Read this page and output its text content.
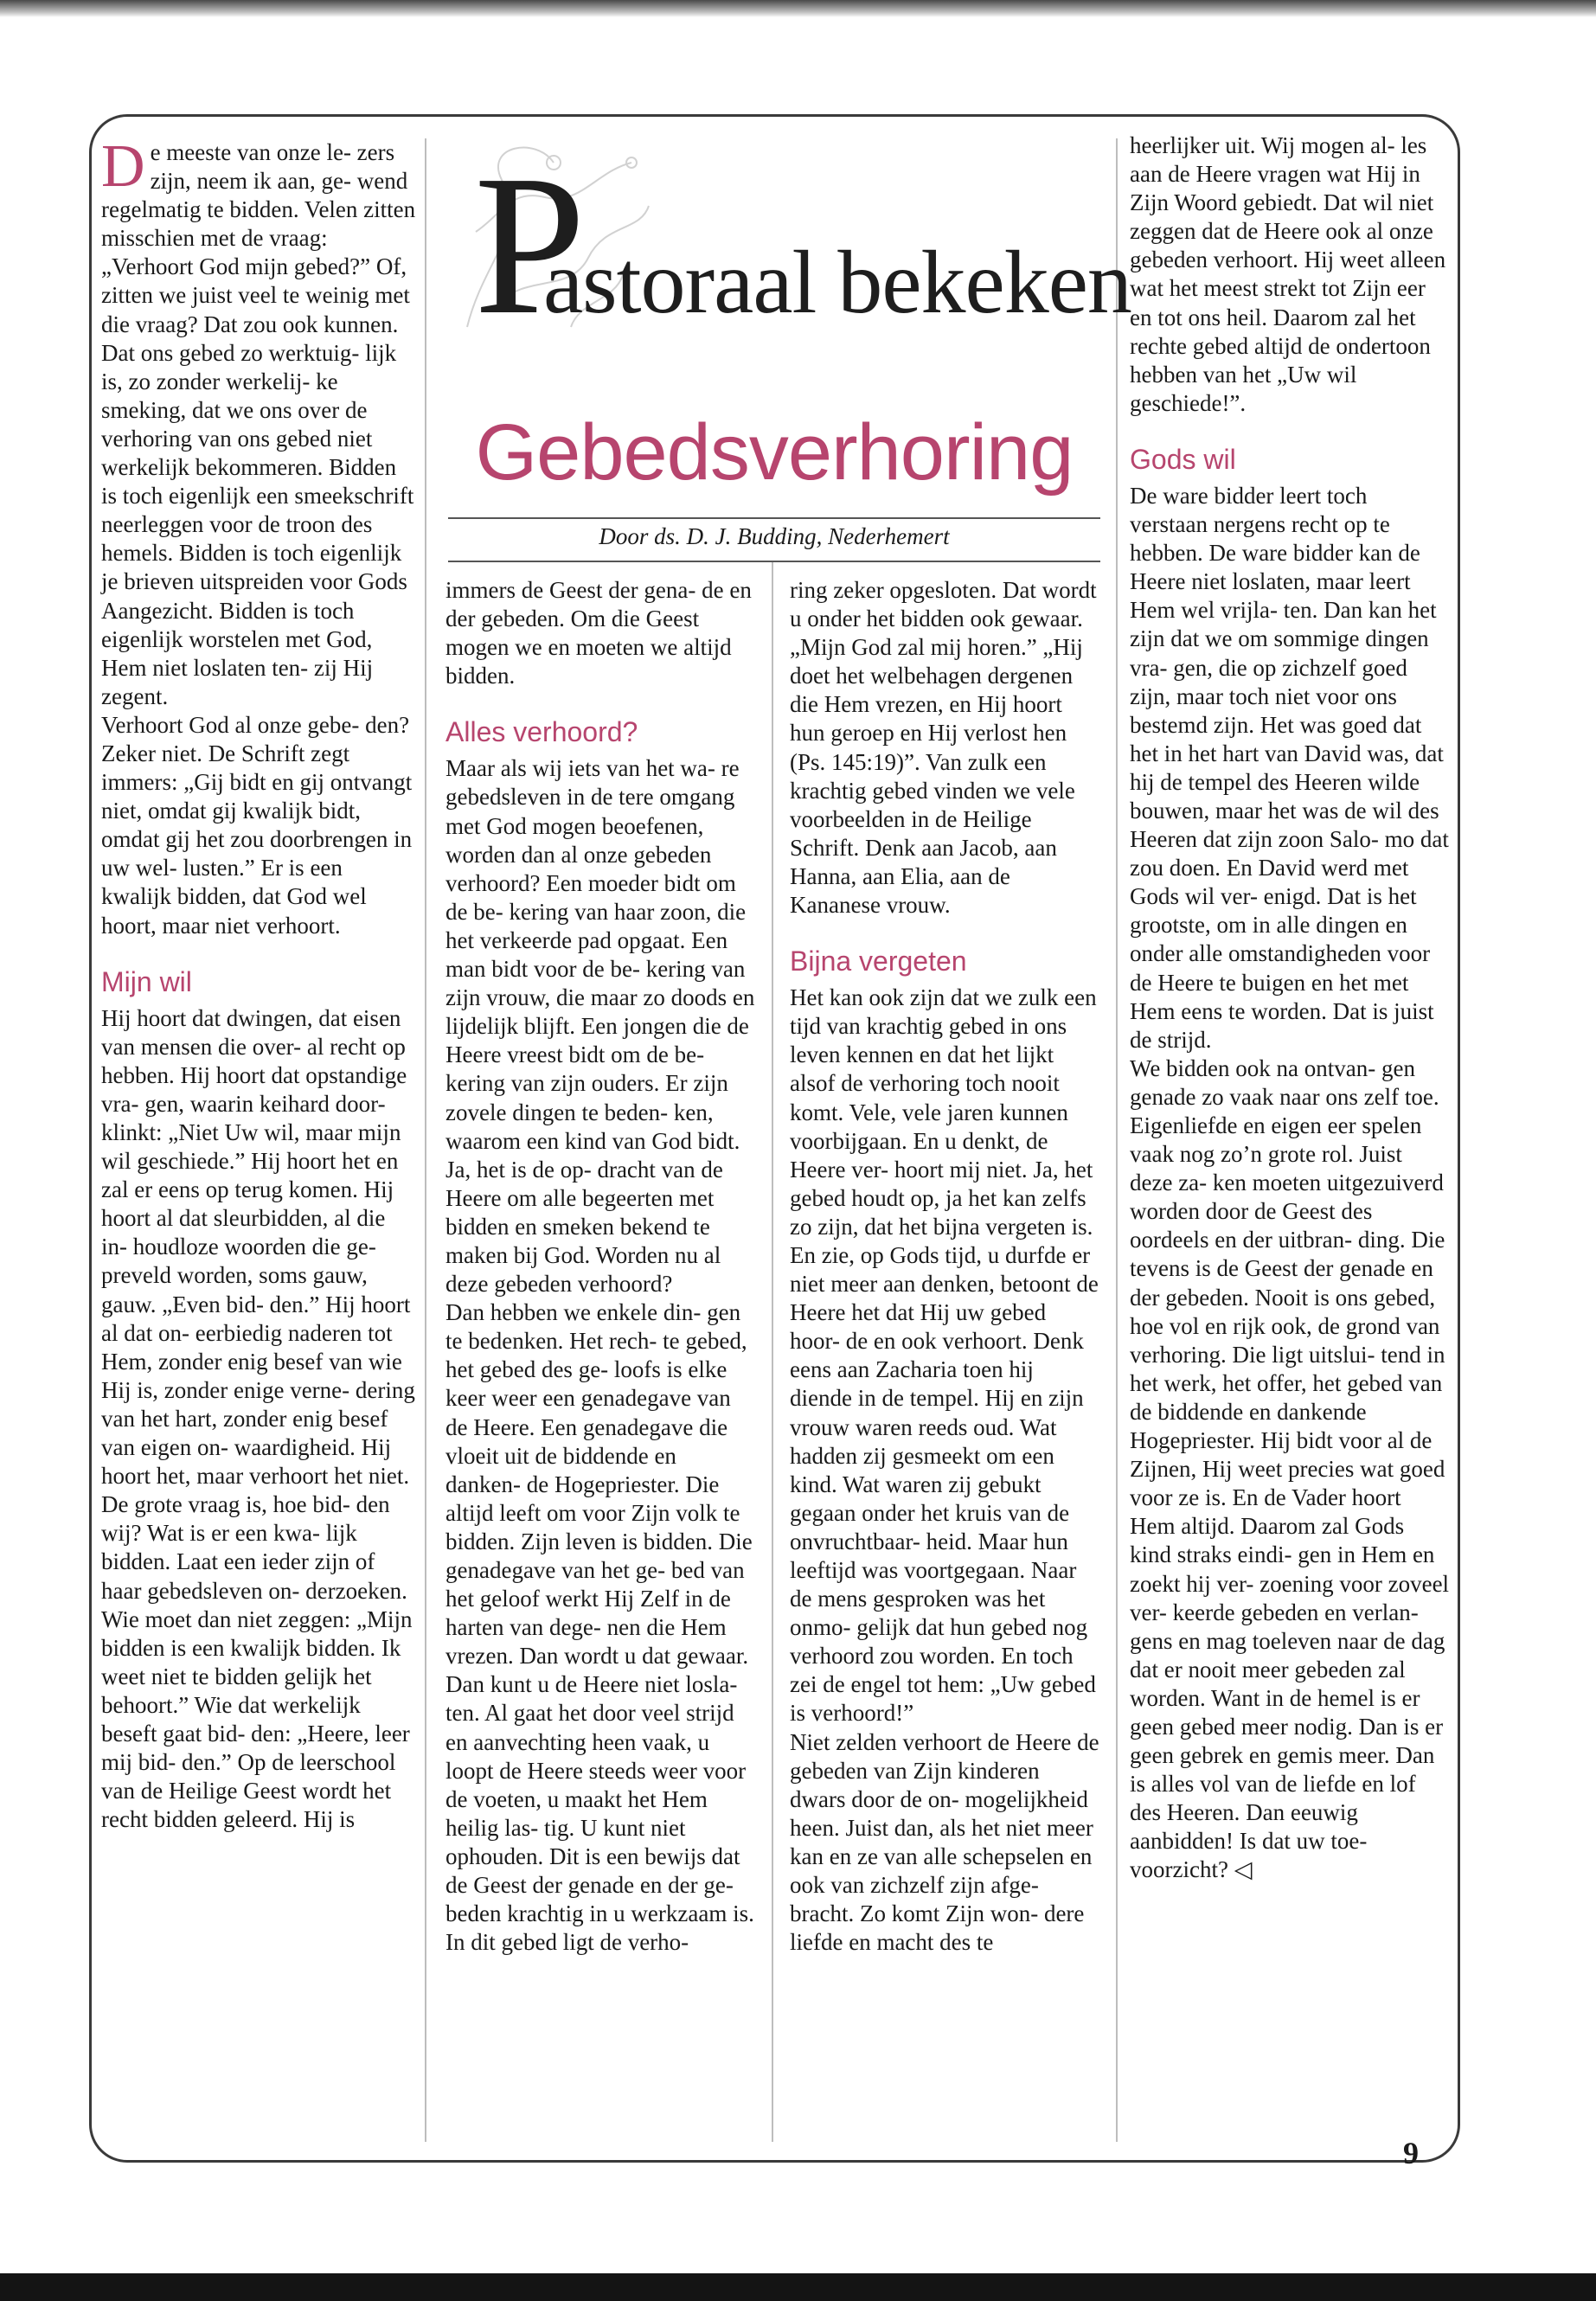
P
astoraal bekeken
Gebedsverhoring
Door ds. D. J. Budding, Nederhemert

De meeste van onze le- zers zijn, neem ik aan, ge- wend regelmatig te bidden. Velen zitten misschien met de vraag: „Verhoort God mijn gebed?” Of, zitten we juist veel te weinig met die vraag? Dat zou ook kunnen. Dat ons gebed zo werktuig- lijk is, zo zonder werkelij- ke smeking, dat we ons over de verhoring van ons gebed niet werkelijk bekommeren. Bidden is toch eigenlijk een smeekschrift neerleggen voor de troon des hemels. Bidden is toch eigenlijk je brieven uitspreiden voor Gods Aangezicht. Bidden is toch eigenlijk worstelen met God, Hem niet loslaten ten- zij Hij zegent.

Verhoort God al onze gebe- den? Zeker niet. De Schrift zegt immers: „Gij bidt en gij ontvangt niet, omdat gij kwalijk bidt, omdat gij het zou doorbrengen in uw wel- lusten.” Er is een kwalijk bidden, dat God wel hoort, maar niet verhoort.

Mijn wil

Hij hoort dat dwingen, dat eisen van mensen die over- al recht op hebben. Hij hoort dat opstandige vra- gen, waarin keihard door- klinkt: „Niet Uw wil, maar mijn wil geschiede.” Hij hoort het en zal er eens op terug komen. Hij hoort al dat sleurbidden, al die in- houdloze woorden die ge- preveld worden, soms gauw, gauw. „Even bid- den.” Hij hoort al dat on- eerbiedig naderen tot Hem, zonder enig besef van wie Hij is, zonder enige verne- dering van het hart, zonder enig besef van eigen on- waardigheid. Hij hoort het, maar verhoort het niet.

De grote vraag is, hoe bid- den wij? Wat is er een kwa- lijk bidden. Laat een ieder zijn of haar gebedsleven on- derzoeken. Wie moet dan niet zeggen: „Mijn bidden is een kwalijk bidden. Ik weet niet te bidden gelijk het behoort.” Wie dat werkelijk beseft gaat bid- den: „Heere, leer mij bid- den.” Op de leerschool van de Heilige Geest wordt het recht bidden geleerd. Hij is

immers de Geest der gena- de en der gebeden. Om die Geest mogen we en moeten we altijd bidden.

Alles verhoord?

Maar als wij iets van het wa- re gebedsleven in de tere omgang met God mogen beoefenen, worden dan al onze gebeden verhoord? Een moeder bidt om de be- kering van haar zoon, die het verkeerde pad opgaat. Een man bidt voor de be- kering van zijn vrouw, die maar zo doods en lijdelijk blijft. Een jongen die de Heere vreest bidt om de be- kering van zijn ouders. Er zijn zovele dingen te beden- ken, waarom een kind van God bidt. Ja, het is de op- dracht van de Heere om alle begeerten met bidden en smeken bekend te maken bij God. Worden nu al deze gebeden verhoord?

Dan hebben we enkele din- gen te bedenken. Het rech- te gebed, het gebed des ge- loofs is elke keer weer een genadegave van de Heere. Een genadegave die vloeit uit de biddende en danken- de Hogepriester. Die altijd leeft om voor Zijn volk te bidden. Zijn leven is bidden. Die genadegave van het ge- bed van het geloof werkt Hij Zelf in de harten van dege- nen die Hem vrezen. Dan wordt u dat gewaar. Dan kunt u de Heere niet losla- ten. Al gaat het door veel strijd en aanvechting heen vaak, u loopt de Heere steeds weer voor de voeten, u maakt het Hem heilig las- tig. U kunt niet ophouden. Dit is een bewijs dat de Geest der genade en der ge- beden krachtig in u werkzaam is. In dit gebed ligt de verho-

ring zeker opgesloten. Dat wordt u onder het bidden ook gewaar. „Mijn God zal mij horen.” „Hij doet het welbehagen dergenen die Hem vrezen, en Hij hoort hun geroep en Hij verlost hen (Ps. 145:19)”. Van zulk een krachtig gebed vinden we vele voorbeelden in de Heilige Schrift. Denk aan Jacob, aan Hanna, aan Elia, aan de Kananese vrouw.

Bijna vergeten

Het kan ook zijn dat we zulk een tijd van krachtig gebed in ons leven kennen en dat het lijkt alsof de verhoring toch nooit komt. Vele, vele jaren kunnen voorbijgaan. En u denkt, de Heere ver- hoort mij niet. Ja, het gebed houdt op, ja het kan zelfs zo zijn, dat het bijna vergeten is. En zie, op Gods tijd, u durfde er niet meer aan denken, betoont de Heere het dat Hij uw gebed hoor- de en ook verhoort. Denk eens aan Zacharia toen hij diende in de tempel. Hij en zijn vrouw waren reeds oud. Wat hadden zij gesmeekt om een kind. Wat waren zij gebukt gegaan onder het kruis van de onvruchtbaar- heid. Maar hun leeftijd was voortgegaan. Naar de mens gesproken was het onmo- gelijk dat hun gebed nog verhoord zou worden. En toch zei de engel tot hem: „Uw gebed is verhoord!”

Niet zelden verhoort de Heere de gebeden van Zijn kinderen dwars door de on- mogelijkheid heen. Juist dan, als het niet meer kan en ze van alle schepselen en ook van zichzelf zijn afge- bracht. Zo komt Zijn won- dere liefde en macht des te

heerlijker uit. Wij mogen al- les aan de Heere vragen wat Hij in Zijn Woord gebiedt. Dat wil niet zeggen dat de Heere ook al onze gebeden verhoort. Hij weet alleen wat het meest strekt tot Zijn eer en tot ons heil. Daarom zal het rechte gebed altijd de ondertoon hebben van het „Uw wil geschiede!”.

Gods wil

De ware bidder leert toch verstaan nergens recht op te hebben. De ware bidder kan de Heere niet loslaten, maar leert Hem wel vrijla- ten. Dan kan het zijn dat we om sommige dingen vra- gen, die op zichzelf goed zijn, maar toch niet voor ons bestemd zijn. Het was goed dat het in het hart van David was, dat hij de tempel des Heeren wilde bouwen, maar het was de wil des Heeren dat zijn zoon Salo- mo dat zou doen. En David werd met Gods wil ver- enigd. Dat is het grootste, om in alle dingen en onder alle omstandigheden voor de Heere te buigen en het met Hem eens te worden. Dat is juist de strijd.

We bidden ook na ontvan- gen genade zo vaak naar ons zelf toe. Eigenliefde en eigen eer spelen vaak nog zo’n grote rol. Juist deze za- ken moeten uitgezuiverd worden door de Geest des oordeels en der uitbran- ding. Die tevens is de Geest der genade en der gebeden. Nooit is ons gebed, hoe vol en rijk ook, de grond van verhoring. Die ligt uitslui- tend in het werk, het offer, het gebed van de biddende en dankende Hogepriester. Hij bidt voor al de Zijnen, Hij weet precies wat goed voor ze is. En de Vader hoort Hem altijd. Daarom zal Gods kind straks eindi- gen in Hem en zoekt hij ver- zoening voor zoveel ver- keerde gebeden en verlan- gens en mag toeleven naar de dag dat er nooit meer gebeden zal worden. Want in de hemel is er geen gebed meer nodig. Dan is er geen gebrek en gemis meer. Dan is alles vol van de liefde en lof des Heeren. Dan eeuwig aanbidden! Is dat uw toe- voorzicht? ◁

9
